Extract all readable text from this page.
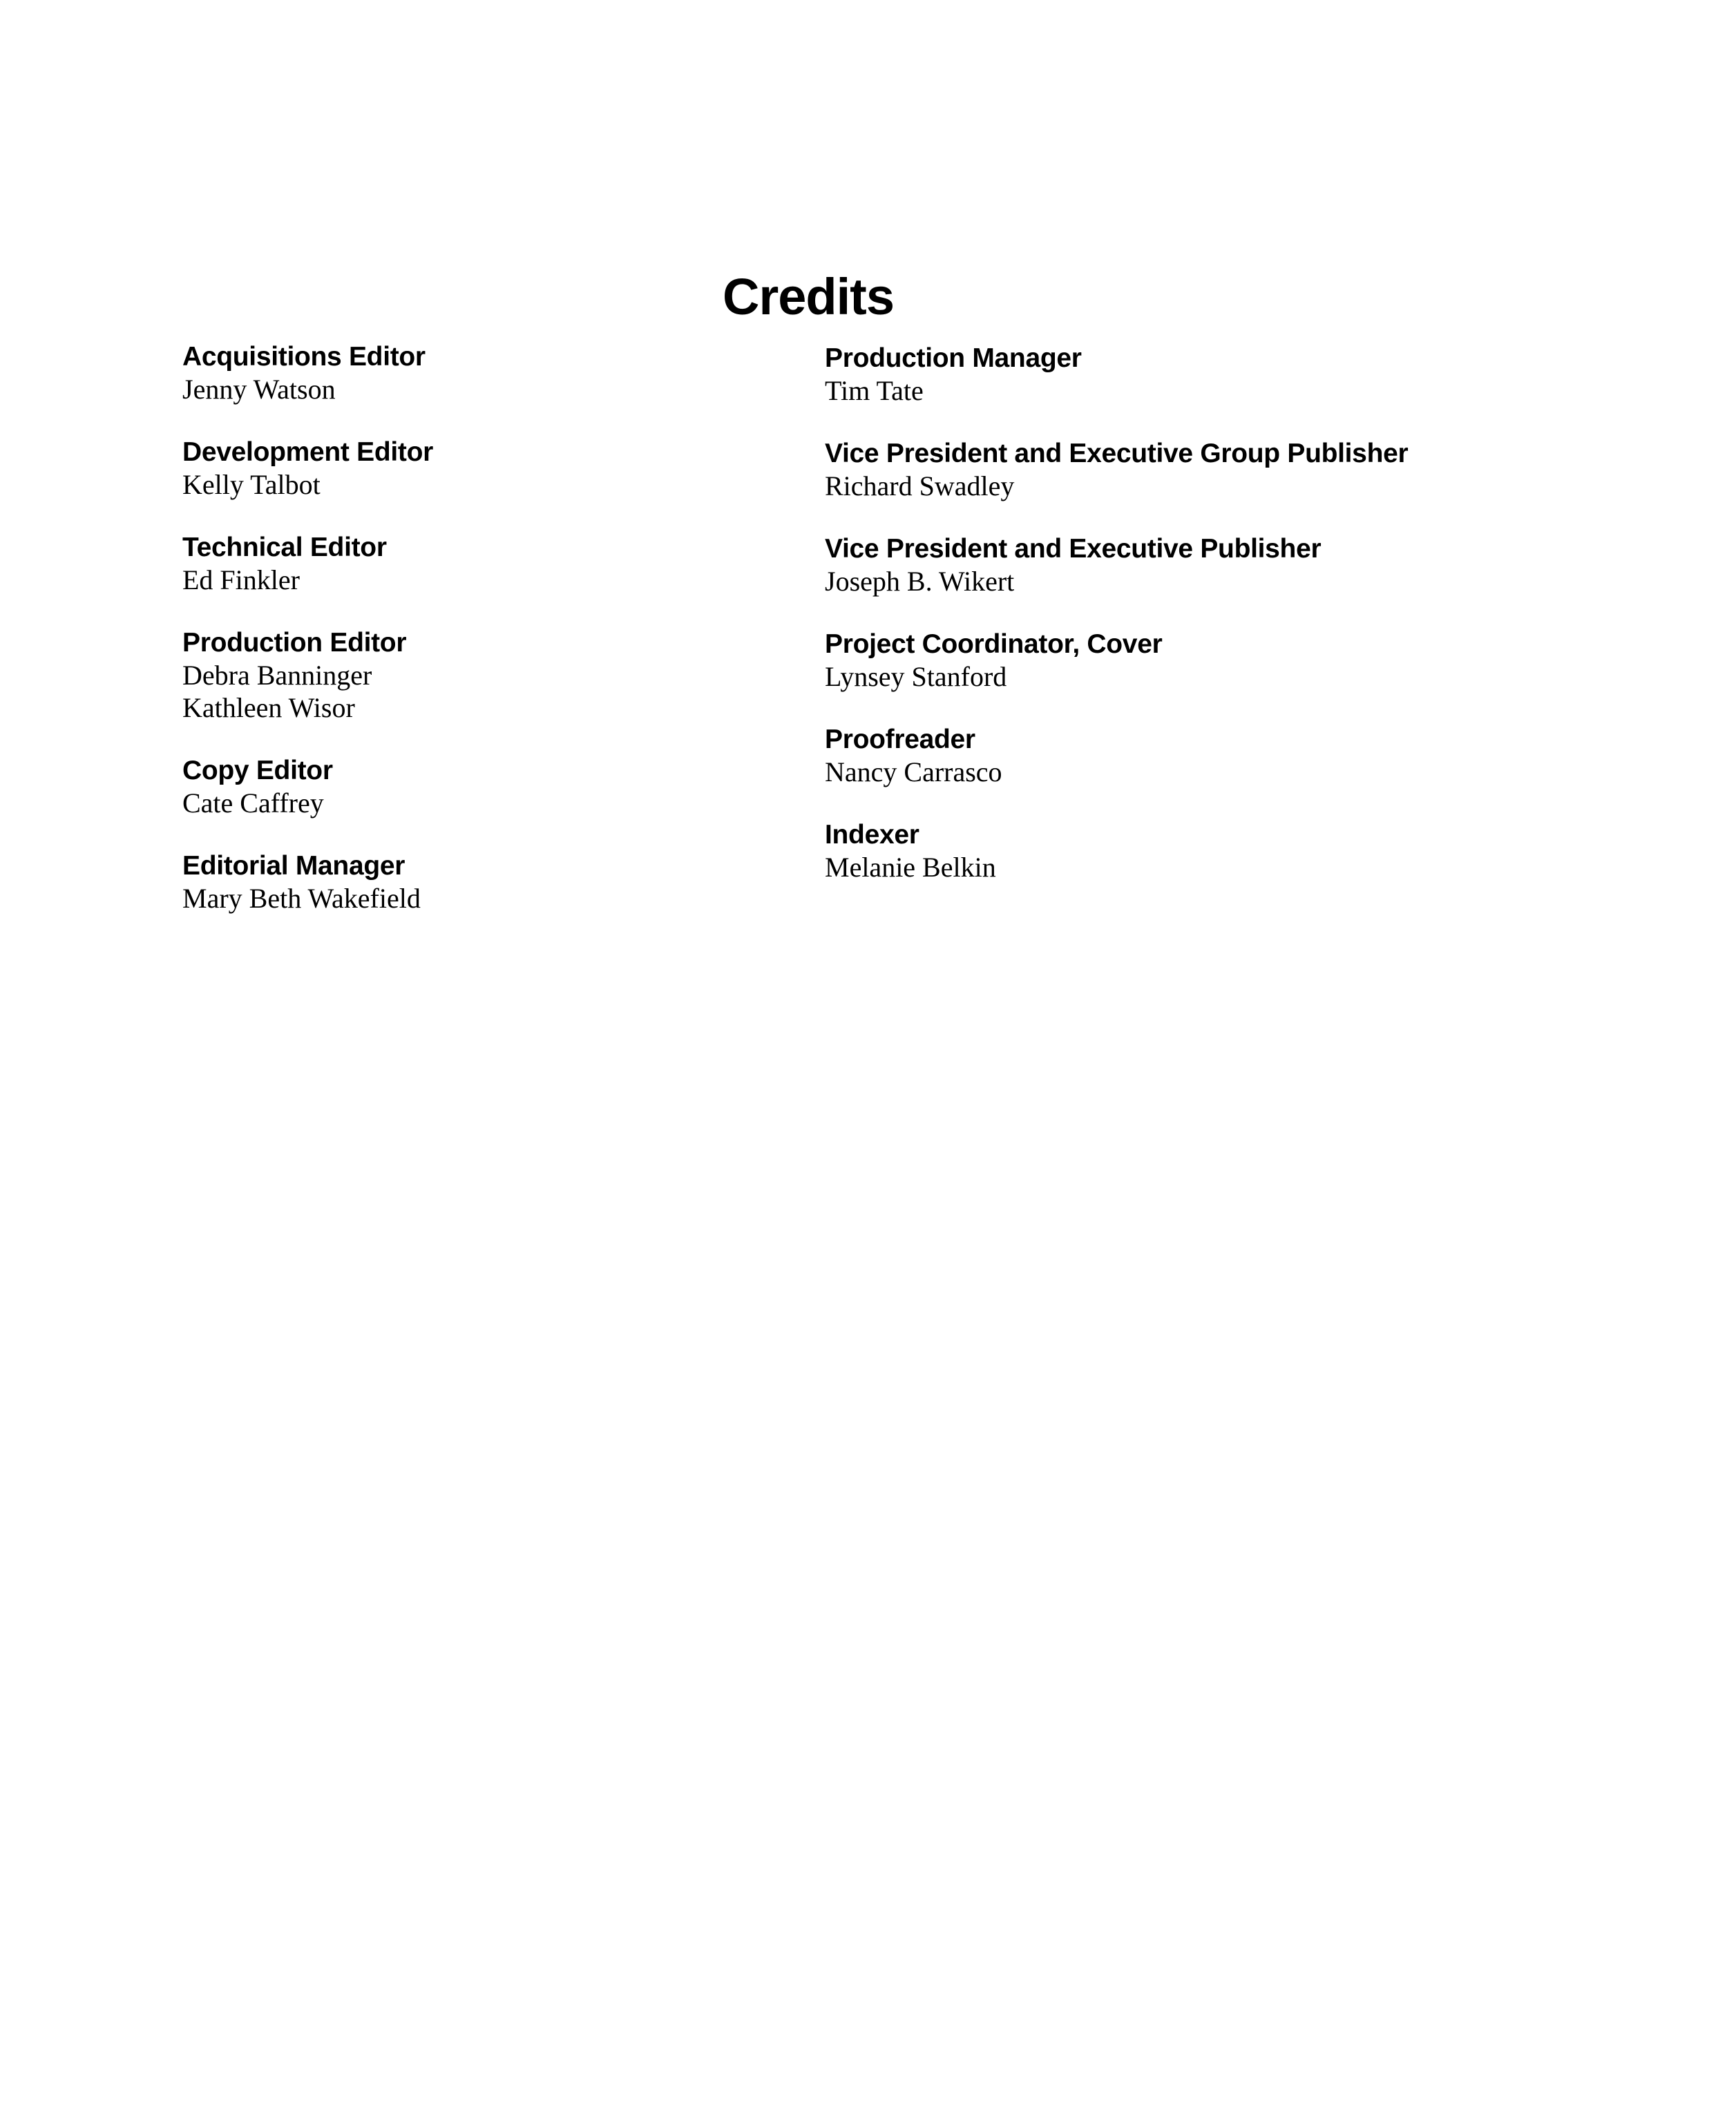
Credits
Acquisitions Editor
Jenny Watson
Development Editor
Kelly Talbot
Technical Editor
Ed Finkler
Production Editor
Debra Banninger
Kathleen Wisor
Copy Editor
Cate Caffrey
Editorial Manager
Mary Beth Wakefield
Production Manager
Tim Tate
Vice President and Executive Group Publisher
Richard Swadley
Vice President and Executive Publisher
Joseph B. Wikert
Project Coordinator, Cover
Lynsey Stanford
Proofreader
Nancy Carrasco
Indexer
Melanie Belkin
